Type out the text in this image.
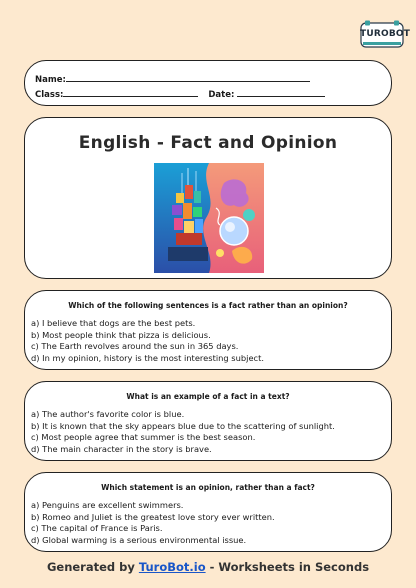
TUROBOT
Name:
Class:	Date:
English - Fact and Opinion
Which of the following sentences is a fact rather than an opinion?
a) I believe that dogs are the best pets.
b) Most people think that pizza is delicious.
c) The Earth revolves around the sun in 365 days.
d) In my opinion, history is the most interesting subject.
What is an example of a fact in a text?
a) The author's favorite color is blue.
b) It is known that the sky appears blue due to the scattering of sunlight.
c) Most people agree that summer is the best season.
d) The main character in the story is brave.
Which statement is an opinion, rather than a fact?
a) Penguins are excellent swimmers.
b) Romeo and Juliet is the greatest love story ever written.
c) The capital of France is Paris.
d) Global warming is a serious environmental issue.
Generated by TuroBot.io - Worksheets in Seconds
